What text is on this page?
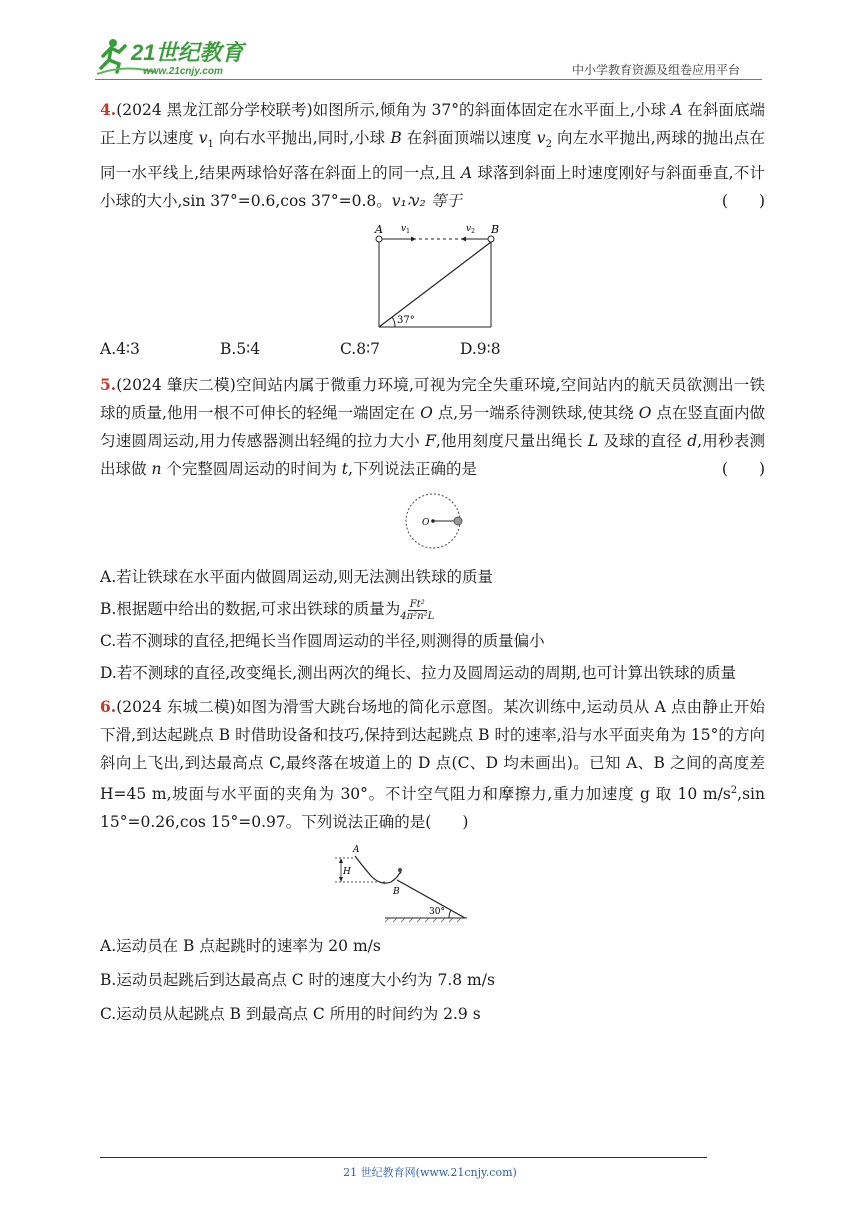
21世纪教育
www.21cnjy.com	中小学教育资源及组卷应用平台

4.(2024 黑龙江部分学校联考)如图所示,倾角为 37°的斜面体固定在水平面上,小球 A 在斜面底端正上方以速度 $v_1$ 向右水平抛出,同时,小球 B 在斜面顶端以速度 $v_2$ 向左水平抛出,两球的抛出点在同一水平线上,结果两球恰好落在斜面上的同一点,且 A 球落到斜面上时速度刚好与斜面垂直,不计小球的大小,sin 37°=0.6,cos 37°=0.8。v₁∶v₂ 等于	(　　)

A	B
$v_1$	$v_2$
37°
A.4∶3	B.5∶4	C.8∶7	D.9∶8

5.(2024 肇庆二模)空间站内属于微重力环境,可视为完全失重环境,空间站内的航天员欲测出一铁球的质量,他用一根不可伸长的轻绳一端固定在 O 点,另一端系待测铁球,使其绕 O 点在竖直面内做匀速圆周运动,用力传感器测出轻绳的拉力大小 F,他用刻度尺量出绳长 L 及球的直径 d,用秒表测出球做 n 个完整圆周运动的时间为 t,下列说法正确的是	(　　)

O

A.若让铁球在水平面内做圆周运动,则无法测出铁球的质量

B.根据题中给出的数据,可求出铁球的质量为 $\frac{\text{Ft²}}{\text{4π²n²L}}$

C.若不测球的直径,把绳长当作圆周运动的半径,则测得的质量偏小

D.若不测球的直径,改变绳长,测出两次的绳长、拉力及圆周运动的周期,也可计算出铁球的质量

6.(2024 东城二模)如图为滑雪大跳台场地的简化示意图。某次训练中,运动员从 A 点由静止开始下滑,到达起跳点 B 时借助设备和技巧,保持到达起跳点 B 时的速率,沿与水平面夹角为 15°的方向斜向上飞出,到达最高点 C,最终落在坡道上的 D 点(C、D 均未画出)。已知 A、B 之间的高度差 H=45 m,坡面与水平面的夹角为 30°。不计空气阻力和摩擦力,重力加速度 g 取 10 $m/s^2,\sin$ 15°=0.26,cos 15°=0.97。下列说法正确的是(　　)

A
H
B
30°

A.运动员在 B 点起跳时的速率为 20 m/s

B.运动员起跳后到达最高点 C 时的速度大小约为 7.8 m/s

C.运动员从起跳点 B 到最高点 C 所用的时间约为 2.9 s

21 世纪教育网(www.21cnjy.com)
